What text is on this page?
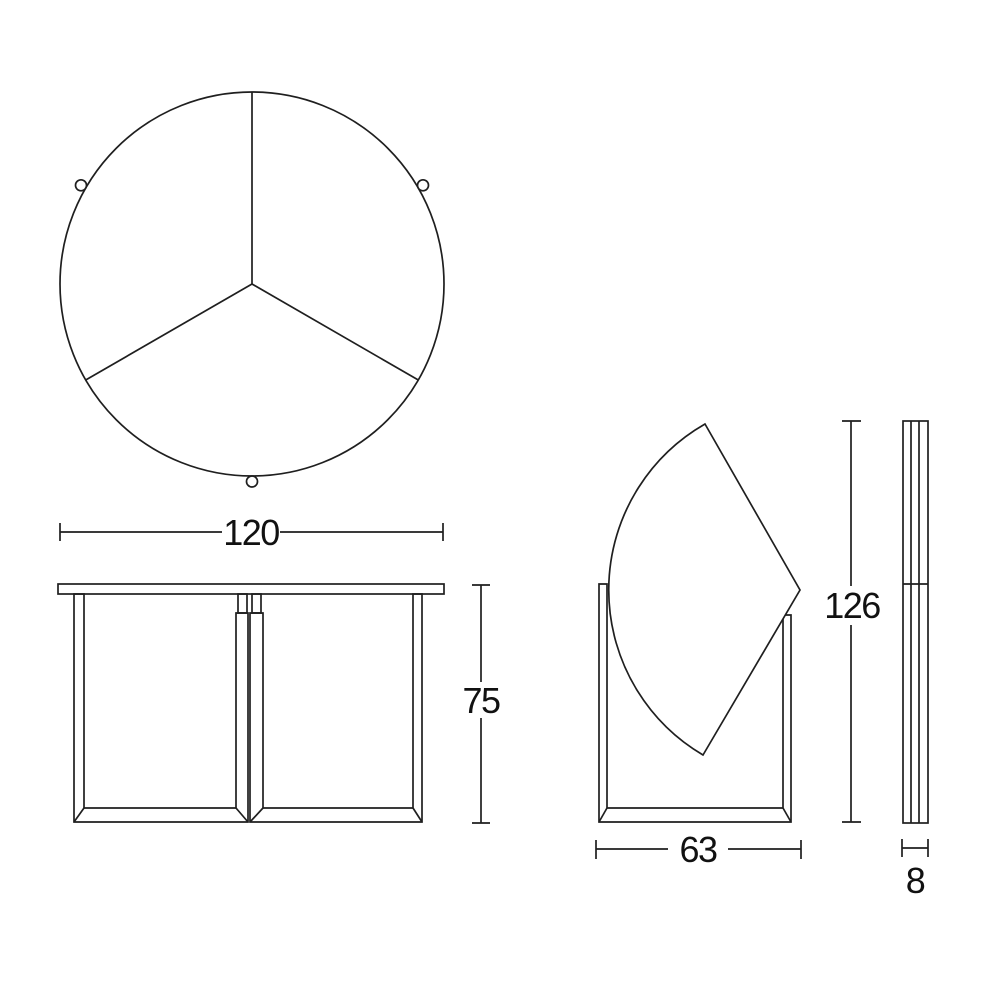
120
75
126
63
8
